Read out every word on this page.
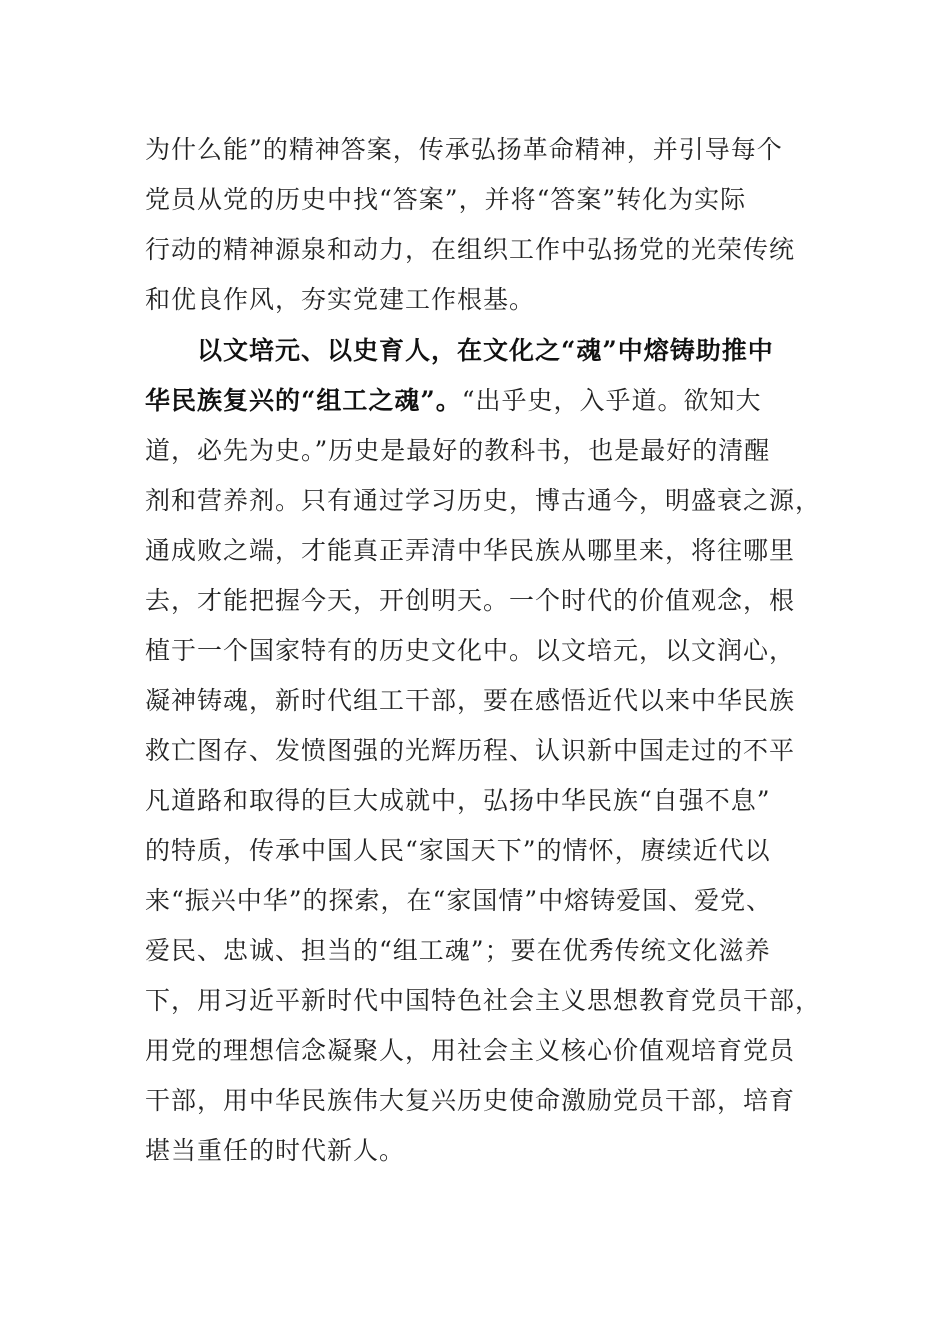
为什么能”的精神答案，传承弘扬革命精神，并引导每个
党员从党的历史中找“答案”，并将“答案”转化为实际
行动的精神源泉和动力，在组织工作中弘扬党的光荣传统
和优良作风，夯实党建工作根基。
以文培元、以史育人，在文化之“魂”中熔铸助推中
华民族复兴的“组工之魂”。“出乎史，入乎道。欲知大
道，必先为史。”历史是最好的教科书，也是最好的清醒
剂和营养剂。只有通过学习历史，博古通今，明盛衰之源，
通成败之端，才能真正弄清中华民族从哪里来，将往哪里
去，才能把握今天，开创明天。一个时代的价值观念，根
植于一个国家特有的历史文化中。以文培元，以文润心，
凝神铸魂，新时代组工干部，要在感悟近代以来中华民族
救亡图存、发愤图强的光辉历程、认识新中国走过的不平
凡道路和取得的巨大成就中，弘扬中华民族“自强不息”
的特质，传承中国人民“家国天下”的情怀，赓续近代以
来“振兴中华”的探索，在“家国情”中熔铸爱国、爱党、
爱民、忠诚、担当的“组工魂”；要在优秀传统文化滋养
下，用习近平新时代中国特色社会主义思想教育党员干部，
用党的理想信念凝聚人，用社会主义核心价值观培育党员
干部，用中华民族伟大复兴历史使命激励党员干部，培育
堪当重任的时代新人。
